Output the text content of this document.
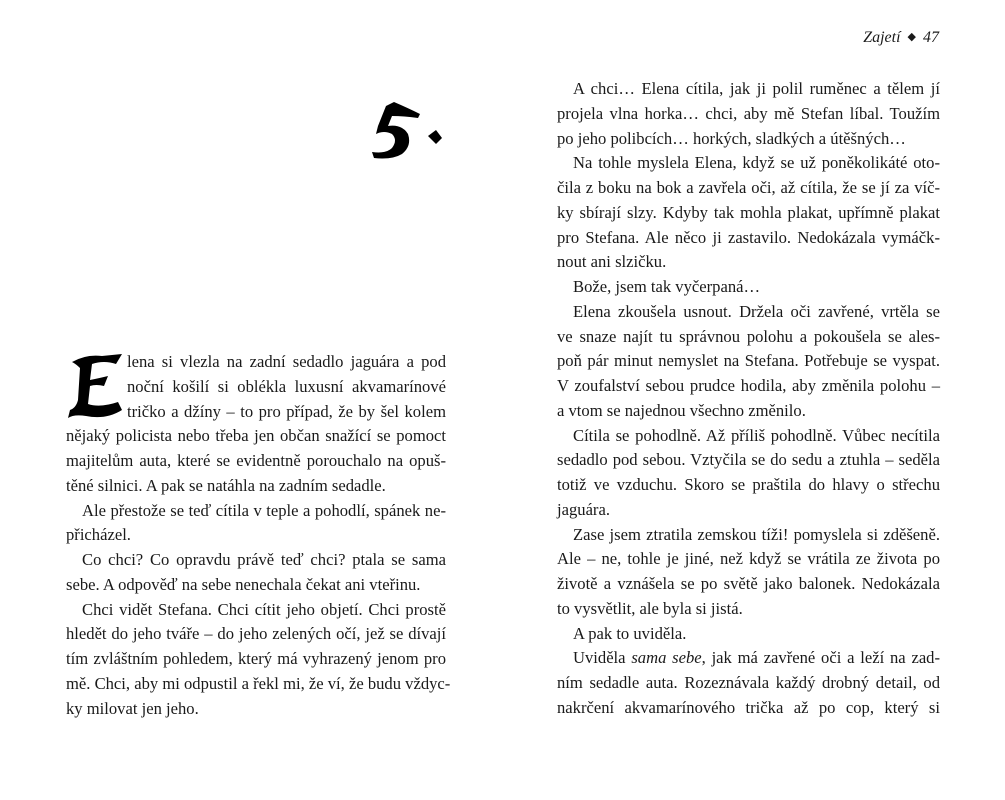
Zajetí ◆ 47
lena si vlezla na zadní sedadlo jaguára a pod
noční košilí si oblékla luxusní akvamarínové
tričko a džíny – to pro případ, že by šel kolem
nějaký policista nebo třeba jen občan snažící se pomoct
majitelům auta, které se evidentně porouchalo na opuš-
těné silnici. A pak se natáhla na zadním sedadle.
Ale přestože se teď cítila v teple a pohodlí, spánek ne-
přicházel.
Co chci? Co opravdu právě teď chci? ptala se sama
sebe. A odpověď na sebe nenechala čekat ani vteřinu.
Chci vidět Stefana. Chci cítit jeho objetí. Chci prostě
hledět do jeho tváře – do jeho zelených očí, jež se dívají
tím zvláštním pohledem, který má vyhrazený jenom pro
mě. Chci, aby mi odpustil a řekl mi, že ví, že budu vždyc-
ky milovat jen jeho.
A chci… Elena cítila, jak ji polil ruměnec a tělem jí
projela vlna horka… chci, aby mě Stefan líbal. Toužím
po jeho polibcích… horkých, sladkých a útěšných…
Na tohle myslela Elena, když se už poněkolikáté oto-
čila z boku na bok a zavřela oči, až cítila, že se jí za víč-
ky sbírají slzy. Kdyby tak mohla plakat, upřímně plakat
pro Stefana. Ale něco ji zastavilo. Nedokázala vymáčk-
nout ani slzičku.
Bože, jsem tak vyčerpaná…
Elena zkoušela usnout. Držela oči zavřené, vrtěla se
ve snaze najít tu správnou polohu a pokoušela se ales-
poň pár minut nemyslet na Stefana. Potřebuje se vyspat.
V zoufalství sebou prudce hodila, aby změnila polohu –
a vtom se najednou všechno změnilo.
Cítila se pohodlně. Až příliš pohodlně. Vůbec necítila
sedadlo pod sebou. Vztyčila se do sedu a ztuhla – seděla
totiž ve vzduchu. Skoro se praštila do hlavy o střechu
jaguára.
Zase jsem ztratila zemskou tíži! pomyslela si zděšeně.
Ale – ne, tohle je jiné, než když se vrátila ze života po
životě a vznášela se po světě jako balonek. Nedokázala
to vysvětlit, ale byla si jistá.
A pak to uviděla.
Uviděla sama sebe, jak má zavřené oči a leží na zad-
ním sedadle auta. Rozeznávala každý drobný detail, od
nakrčení akvamarínového trička až po cop, který si
